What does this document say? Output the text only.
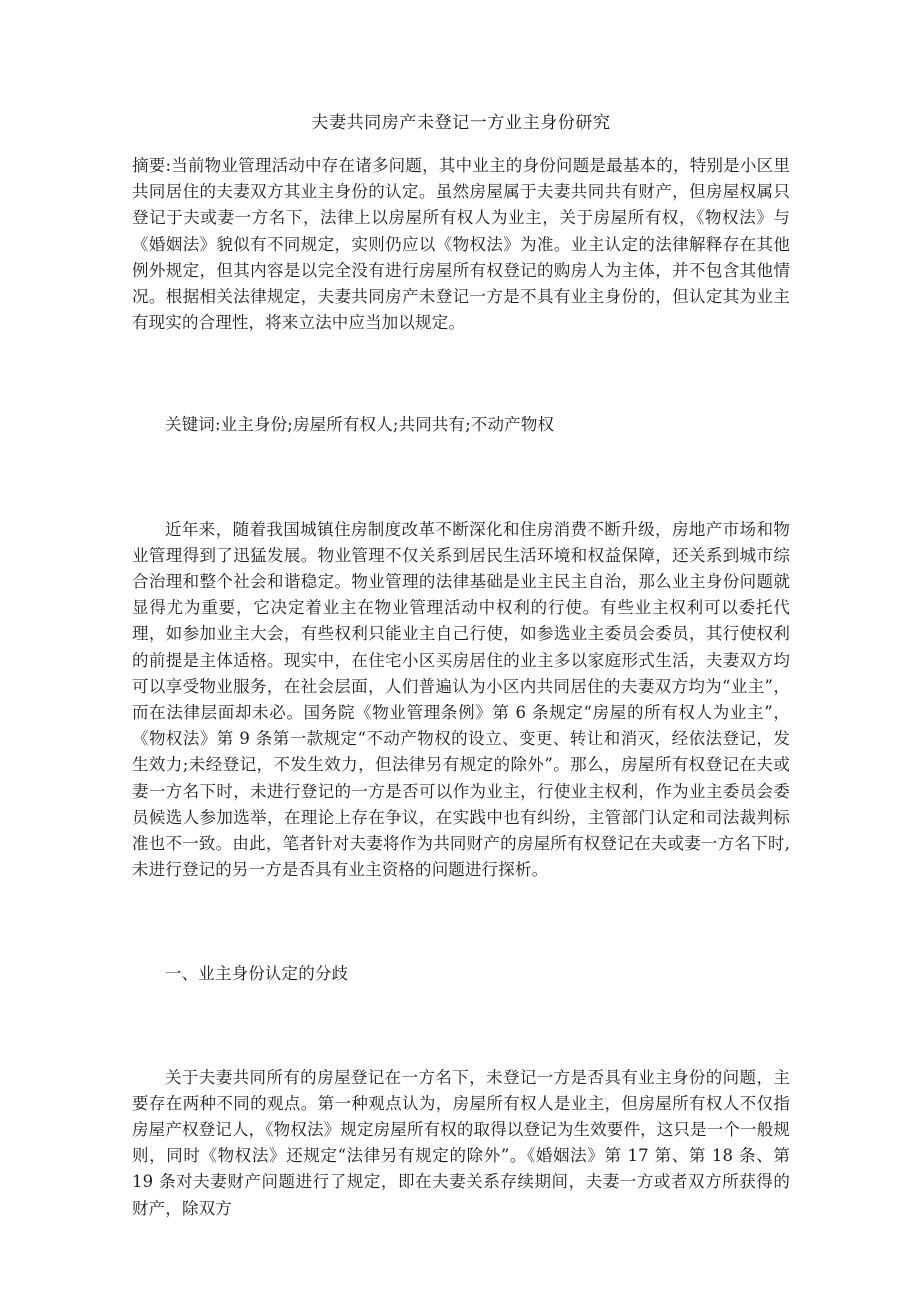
夫妻共同房产未登记一方业主身份研究

摘要:当前物业管理活动中存在诸多问题，其中业主的身份问题是最基本的，特别是小区里共同居住的夫妻双方其业主身份的认定。虽然房屋属于夫妻共同共有财产，但房屋权属只登记于夫或妻一方名下，法律上以房屋所有权人为业主，关于房屋所有权，《物权法》与《婚姻法》貌似有不同规定，实则仍应以《物权法》为准。业主认定的法律解释存在其他例外规定，但其内容是以完全没有进行房屋所有权登记的购房人为主体，并不包含其他情况。根据相关法律规定，夫妻共同房产未登记一方是不具有业主身份的，但认定其为业主有现实的合理性，将来立法中应当加以规定。

关键词:业主身份;房屋所有权人;共同共有;不动产物权

近年来，随着我国城镇住房制度改革不断深化和住房消费不断升级，房地产市场和物业管理得到了迅猛发展。物业管理不仅关系到居民生活环境和权益保障，还关系到城市综合治理和整个社会和谐稳定。物业管理的法律基础是业主民主自治，那么业主身份问题就显得尤为重要，它决定着业主在物业管理活动中权利的行使。有些业主权利可以委托代理，如参加业主大会，有些权利只能业主自己行使，如参选业主委员会委员，其行使权利的前提是主体适格。现实中，在住宅小区买房居住的业主多以家庭形式生活，夫妻双方均可以享受物业服务，在社会层面，人们普遍认为小区内共同居住的夫妻双方均为“业主”，而在法律层面却未必。国务院《物业管理条例》第 6 条规定“房屋的所有权人为业主”，《物权法》第 9 条第一款规定“不动产物权的设立、变更、转让和消灭，经依法登记，发生效力;未经登记，不发生效力，但法律另有规定的除外”。那么，房屋所有权登记在夫或妻一方名下时，未进行登记的一方是否可以作为业主，行使业主权利，作为业主委员会委员候选人参加选举，在理论上存在争议，在实践中也有纠纷，主管部门认定和司法裁判标准也不一致。由此，笔者针对夫妻将作为共同财产的房屋所有权登记在夫或妻一方名下时,未进行登记的另一方是否具有业主资格的问题进行探析。

一、业主身份认定的分歧

关于夫妻共同所有的房屋登记在一方名下，未登记一方是否具有业主身份的问题，主要存在两种不同的观点。第一种观点认为，房屋所有权人是业主，但房屋所有权人不仅指房屋产权登记人，《物权法》规定房屋所有权的取得以登记为生效要件，这只是一个一般规则，同时《物权法》还规定“法律另有规定的除外”。《婚姻法》第 17 第、第 18 条、第 19 条对夫妻财产问题进行了规定，即在夫妻关系存续期间，夫妻一方或者双方所获得的财产，除双方
